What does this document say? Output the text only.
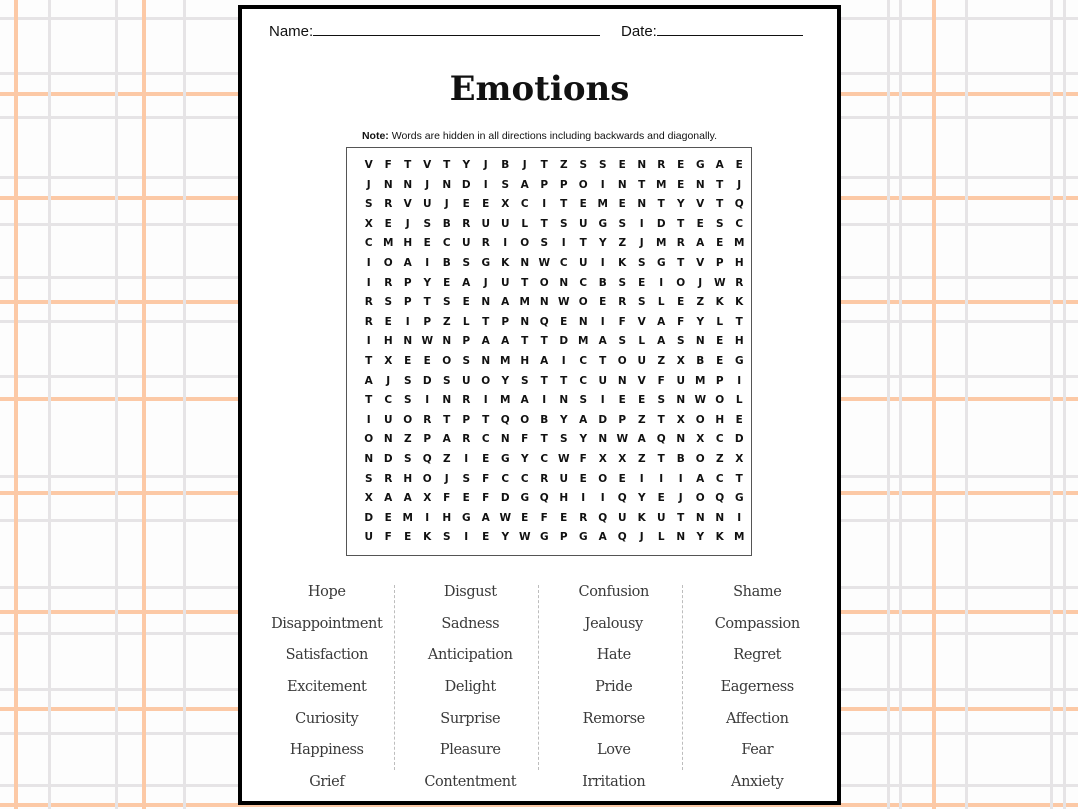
Name:	Date:
Emotions
Note: Words are hidden in all directions including backwards and diagonally.
V	F	T	V	T	Y	J	B	J	T	Z	S	S	E	N	R	E	G	A	E
J	N	N	J	N	D	I	S	A	P	P	O	I	N	T	M	E	N	T	J
S	R	V	U	J	E	E	X	C	I	T	E	M	E	N	T	Y	V	T	Q
X	E	J	S	B	R	U	U	L	T	S	U	G	S	I	D	T	E	S	C
C M H	E	C	U	R	I	O	S	I	T	Y	Z	J	M R	A	E	M
I	O	A	I	B	S	G	K	N W C	U	I	K	S	G	T	V	P	H
I	R	P	Y	E	A	J	U	T	O	N	C	B	S	E	I	O	J	W R
R	S	P	T	S	E	N	A M N W O	E	R	S	L	E	Z	K	K
R	E	I	P	Z	L	T	P	N	Q	E	N	I	F	V	A	F	Y	L	T
I	H	N W N	P	A	A	T	T	D M A	S	L	A	S	N	E	H
T	X	E	E	O	S	N M H	A	I	C	T	O	U	Z	X	B	E	G
A	J	S	D	S	U	O	Y	S	T	T	C	U	N	V	F	U M P	I
T	C	S	I	N	R	I	M A	I	N	S	I	E	E	S	N W O	L
I	U	O	R	T	P	T	Q	O	B	Y	A	D	P	Z	T	X	O	H	E
O	N	Z	P	A	R	C	N	F	T	S	Y	N W A	Q	N	X	C	D
N	D	S	Q	Z	I	E	G	Y	C W F	X	X	Z	T	B	O	Z	X
S	R	H	O	J	S	F	C	C	R	U	E	O	E	I	I	I	A	C	T
X	A	A	X	F	E	F	D	G	Q	H	I	I	Q	Y	E	J	O	Q	G
D	E	M	I	H	G	A W E	F	E	R	Q	U	K	U	T	N	N	I
U	F	E	K	S	I	E	Y W G	P	G	A	Q	J	L	N	Y	K M
Hope
Disappointment
Satisfaction
Excitement
Curiosity
Happiness
Grief
Disgust
Sadness
Anticipation
Delight
Surprise
Pleasure
Contentment
Confusion
Jealousy
Hate
Pride
Remorse
Love
Irritation
Shame
Compassion
Regret
Eagerness
Affection
Fear
Anxiety
